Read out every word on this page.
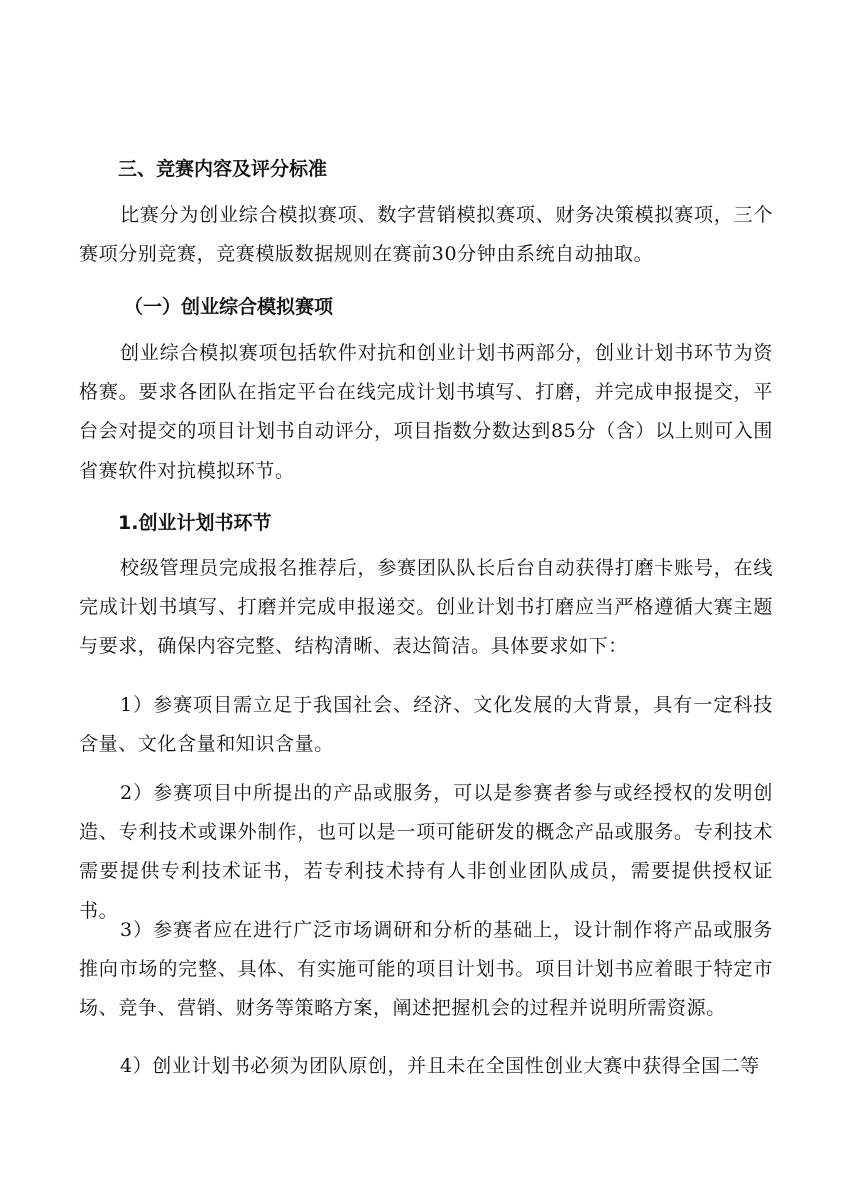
三、竞赛内容及评分标准

比赛分为创业综合模拟赛项、数字营销模拟赛项、财务决策模拟赛项，三个赛项分别竞赛，竞赛模版数据规则在赛前30分钟由系统自动抽取。

（一）创业综合模拟赛项

创业综合模拟赛项包括软件对抗和创业计划书两部分，创业计划书环节为资格赛。要求各团队在指定平台在线完成计划书填写、打磨，并完成申报提交，平台会对提交的项目计划书自动评分，项目指数分数达到85分（含）以上则可入围省赛软件对抗模拟环节。

1.创业计划书环节

校级管理员完成报名推荐后，参赛团队队长后台自动获得打磨卡账号，在线完成计划书填写、打磨并完成申报递交。创业计划书打磨应当严格遵循大赛主题与要求，确保内容完整、结构清晰、表达简洁。具体要求如下：

1）参赛项目需立足于我国社会、经济、文化发展的大背景，具有一定科技含量、文化含量和知识含量。

2）参赛项目中所提出的产品或服务，可以是参赛者参与或经授权的发明创造、专利技术或课外制作，也可以是一项可能研发的概念产品或服务。专利技术需要提供专利技术证书，若专利技术持有人非创业团队成员，需要提供授权证书。

3）参赛者应在进行广泛市场调研和分析的基础上，设计制作将产品或服务推向市场的完整、具体、有实施可能的项目计划书。项目计划书应着眼于特定市场、竞争、营销、财务等策略方案，阐述把握机会的过程并说明所需资源。

4）创业计划书必须为团队原创，并且未在全国性创业大赛中获得全国二等
